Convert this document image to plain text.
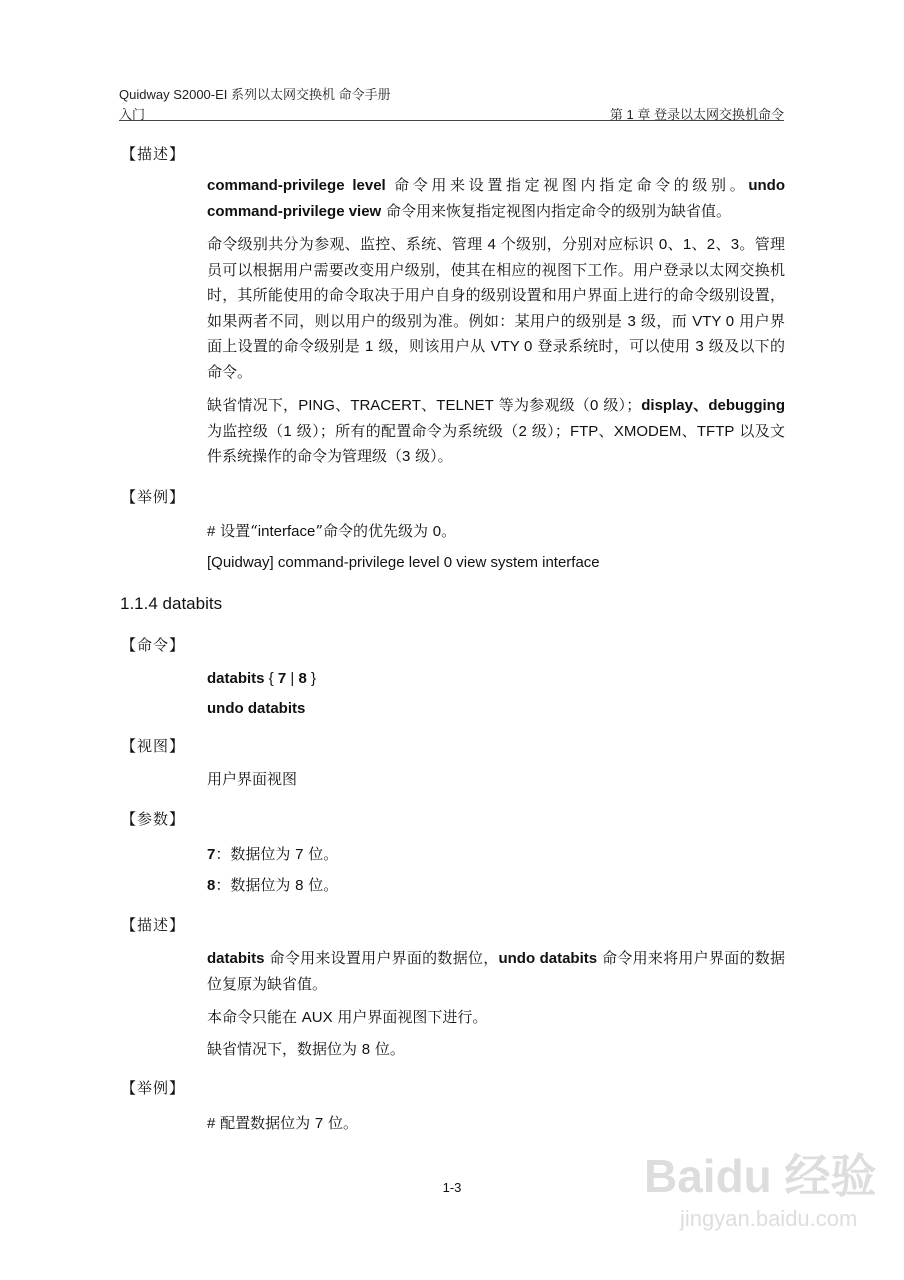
Quidway S2000-EI 系列以太网交换机 命令手册
入门	第 1 章 登录以太网交换机命令
【描述】
command-privilege level 命令用来设置指定视图内指定命令的级别。undo command-privilege view 命令用来恢复指定视图内指定命令的级别为缺省值。
命令级别共分为参观、监控、系统、管理 4 个级别，分别对应标识 0、1、2、3。管理员可以根据用户需要改变用户级别，使其在相应的视图下工作。用户登录以太网交换机时，其所能使用的命令取决于用户自身的级别设置和用户界面上进行的命令级别设置，如果两者不同，则以用户的级别为准。例如：某用户的级别是 3 级，而 VTY 0 用户界面上设置的命令级别是 1 级，则该用户从 VTY 0 登录系统时，可以使用 3 级及以下的命令。
缺省情况下，PING、TRACERT、TELNET 等为参观级（0 级）；display、debugging 为监控级（1 级）；所有的配置命令为系统级（2 级）；FTP、XMODEM、TFTP 以及文件系统操作的命令为管理级（3 级）。
【举例】
# 设置“interface”命令的优先级为 0。
[Quidway] command-privilege level 0 view system interface
1.1.4 databits
【命令】
databits { 7 | 8 }
undo databits
【视图】
用户界面视图
【参数】
7：数据位为 7 位。
8：数据位为 8 位。
【描述】
databits 命令用来设置用户界面的数据位，undo databits 命令用来将用户界面的数据位复原为缺省值。
本命令只能在 AUX 用户界面视图下进行。
缺省情况下，数据位为 8 位。
【举例】
# 配置数据位为 7 位。
1-3	Baidu 经验
jingyan.baidu.com
